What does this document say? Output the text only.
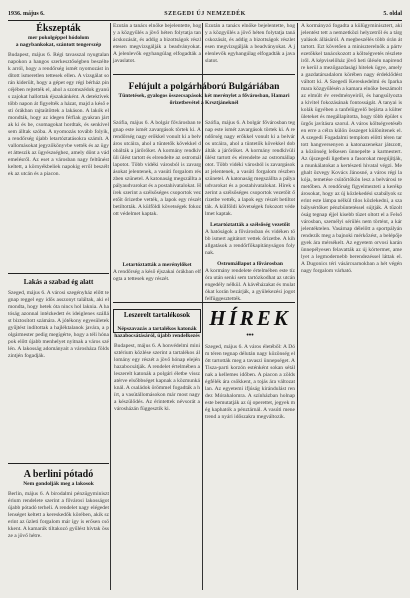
1936. május 6.	SZEGEDI ÚJ NEMZEDÉK	5. oldal

Ékszepták

mer pokolgéppel hódolom

a nagybankokat, szántott tengerszép

Budapest, május 6. Régi tavasszal nyugtalan napokon a hangos szerkesztőségben beszéltek arról, hogy a rendőrség ismét nyomozást indított ismeretlen tettesek ellen. A vizsgálat során kiderült, hogy a gépet egy régi bérház pincéjében rejtették el, ahol a szomszédok gyanús zajokat hallottak éjszakánként. A detektívek több napon át figyelték a házat, majd a késő esti órákban rajtaütöttek a lakáson. A lakók elmondták, hogy az idegen férfiak gyakran jártak ki és be, csomagokat hordtak, és senkivel sem álltak szóba. A nyomozás tovább folyik, a rendőrség újabb letartóztatásokra számít. A vallomásokat jegyzőkönyvbe vették és az ügyet átteszik az ügyészséghez, amely dönt a vádemelésről. Az eset a városban nagy feltűnést keltett, a környékbeliek napokig erről beszéltek az utcán és a piacon.

Lakás a szabad ég alatt

Szeged, május 6. A városi szegényház előtt tegnap reggel egy idős asszonyt találtak, aki elmondta, hogy hetek óta nincs hol laknia. A hatóság azonnal intézkedett és ideiglenes szállást biztosított számára. A jótékony egyesületek gyűjtést indítottak a hajléktalanok javára, a polgármester pedig megígérte, hogy a téli hónapok előtt újabb menhelyet nyitnak a város szélén. A lakosság adományait a városháza földszintjén fogadják.

A berlini pótadó

Nem gondolják meg a lakosok

Berlin, május 6. A birodalmi pénzügyminisztérium rendelete szerint a fővárosi lakosságot újabb pótadó terheli. A rendelet nagy elégedetlenséget keltett a kereskedők körében, akik szerint az üzleti forgalom már így is erősen csökkent. A kamarák tiltakozó gyűlést hívtak össze a jövő hétre.

Ezután a tanács elnöke bejelentette, hogy a közgyűlés a jövő héten folytatja tanácskozását, és addig a bizottságok részletesen megvizsgálják a beadványokat. A jelenlevők egyhangúlag elfogadták a javaslatot.

Ezután a tanács elnöke bejelentette, hogy a közgyűlés a jövő héten folytatja tanácskozását, és addig a bizottságok részletesen megvizsgálják a beadványokat. A jelenlevők egyhangúlag elfogadták a javaslatot.

Felújult a polgárháború Bulgáriában

Tüntetések, gyalogos összecsapások, két merénylet a fővárosban, Hamari őrizetbevétel a Krsztjáneknél

Szófia, május 6. A bolgár fővárosban tegnap este ismét zavargások törtek ki. A rendőrség nagy erőkkel vonult ki a belváros utcáira, ahol a tüntetők kövekkel dobálták a járőröket. A kormány rendkívüli ülést tartott és elrendelte az ostromállapotot. Több vidéki városból is zavargásokat jelentenek, a vasúti forgalom részben szünetel. A katonaság megszállta a pályaudvarokat és a postahivatalokat. Hírek szerint a szélsőséges csoportok vezetőit őrizetbe vették, a lapok egy részét betiltották. A külföldi követségek fokozott védelmet kaptak.

Letartóztatták a merénylőket

A rendőrség a késő éjszakai órákban elfogta a tettesek egy részét.

Szófia, május 6. A bolgár fővárosban tegnap este ismét zavargások törtek ki. A rendőrség nagy erőkkel vonult ki a belváros utcáira, ahol a tüntetők kövekkel dobálták a járőröket. A kormány rendkívüli ülést tartott és elrendelte az ostromállapotot. Több vidéki városból is zavargásokat jelentenek, a vasúti forgalom részben szünetel. A katonaság megszállta a pályaudvarokat és a postahivatalokat. Hírek szerint a szélsőséges csoportok vezetőit őrizetbe vették, a lapok egy részét betiltották. A külföldi követségek fokozott védelmet kaptak.

Letartóztatták a szélsőség vezetőit

A hatóságok a fővárosban és vidéken több ismert agitátort vettek őrizetbe. A kihallgatások a rendőrfőkapitányságon folynak.

Ostromállapot a fővárosban

A kormány rendelete értelmében este tíz óra után senki sem tartózkodhat az utcán engedély nélkül. A kávéházakat és mulatókat korán bezárják, a gyülekezési jogot felfüggesztették.

Leszerelt tartalékosok

Népszavazás a tartalékos katonák hazabocsátásáról, újabb rendelkezés

Budapest, május 6. A honvédelmi minisztérium közlése szerint a tartalékos állomány egy részét a jövő hónap elején hazabocsátják. A rendelet értelmében a leszerelt katonák a polgári életbe visszatérve elsőbbséget kapnak a közmunkáknál. A családok örömmel fogadták a hírt, a vasútállomásokon már most nagy a készülődés. Az érintettek névsorát a városházán függesztik ki.

HÍREK
•••

Szeged, május 6. A város életéből: A Dóm téren tegnap délután nagy közönség előtt tartották meg a tavaszi ünnepséget. A Tisza-parti korzón esténként sokan sétálnak a kellemes időben. A piacon a zöldségfélék ára csökkent, a tojás ára változatlan. Az egyetemi ifjúság kirándulást rendez Mórahalomra. A színházban holnap este bemutatják az új operettet, jegyek még kaphatók a pénztárnál. A vasúti menetrend a nyári időszakra megváltozik.

A kormányzó fogadta a külügyminisztert, aki jelentést tett a nemzetközi helyzetről és a tárgyalások állásáról. A megbeszélés több órán át tartott. Ezt követően a miniszterelnök a pártvezetőkkel tanácskozott a költségvetés részleteiről. A képviselőház jövő heti ülésén napirendre kerül a mezőgazdasági hitelek ügye, amely a gazdatársadalom körében nagy érdeklődést váltott ki. A Szegedi Kereskedelmi és Iparkamara közgyűlésén a kamara elnöke beszámolt az elmúlt év eredményeiről, és hangsúlyozta a kivitel fokozásának fontosságát. A tanyai iskolák ügyében a tanfelügyelő bejárta a külterületeket és megállapította, hogy több épület sürgős javításra szorul. A város költségvetésében erre a célra külön összeget különítenek el. A szegedi Fogadalmi templom előtti téren tartott hangversenyen a katonazenekar játszott, a közönség lelkesen ünnepelte a karmestert. Az újszegedi ligetben a fasorokat megújítják, a munkálatokat a kertészeti hivatal végzi. Meghalt özvegy Kovács Jánosné, a város régi lakója, temetése csütörtökön lesz a belvárosi temetőben. A rendőrség figyelmezteti a kerékpárosokat, hogy az új közlekedési szabályok szerint este lámpa nélkül tilos közlekedni, a szabálysértőket pénzbüntetéssel sújtják. A tűzoltóság tegnap éjjel kisebb tüzet oltott el a Felsővárosban, személyi sérülés nem történt, a kár jelentéktelen. Vasárnap délelőtt a sportpályán rendezik meg a bajnoki mérkőzést, a belépőjegyek ára mérsékelt. Az egyetem orvosi karán ünnepélyesen felavatták az új kórtermet, amelyet a legmodernebb berendezéssel láttak el. A Dugonics téri vásárcsarnokban a hét végén nagy forgalom várható.
